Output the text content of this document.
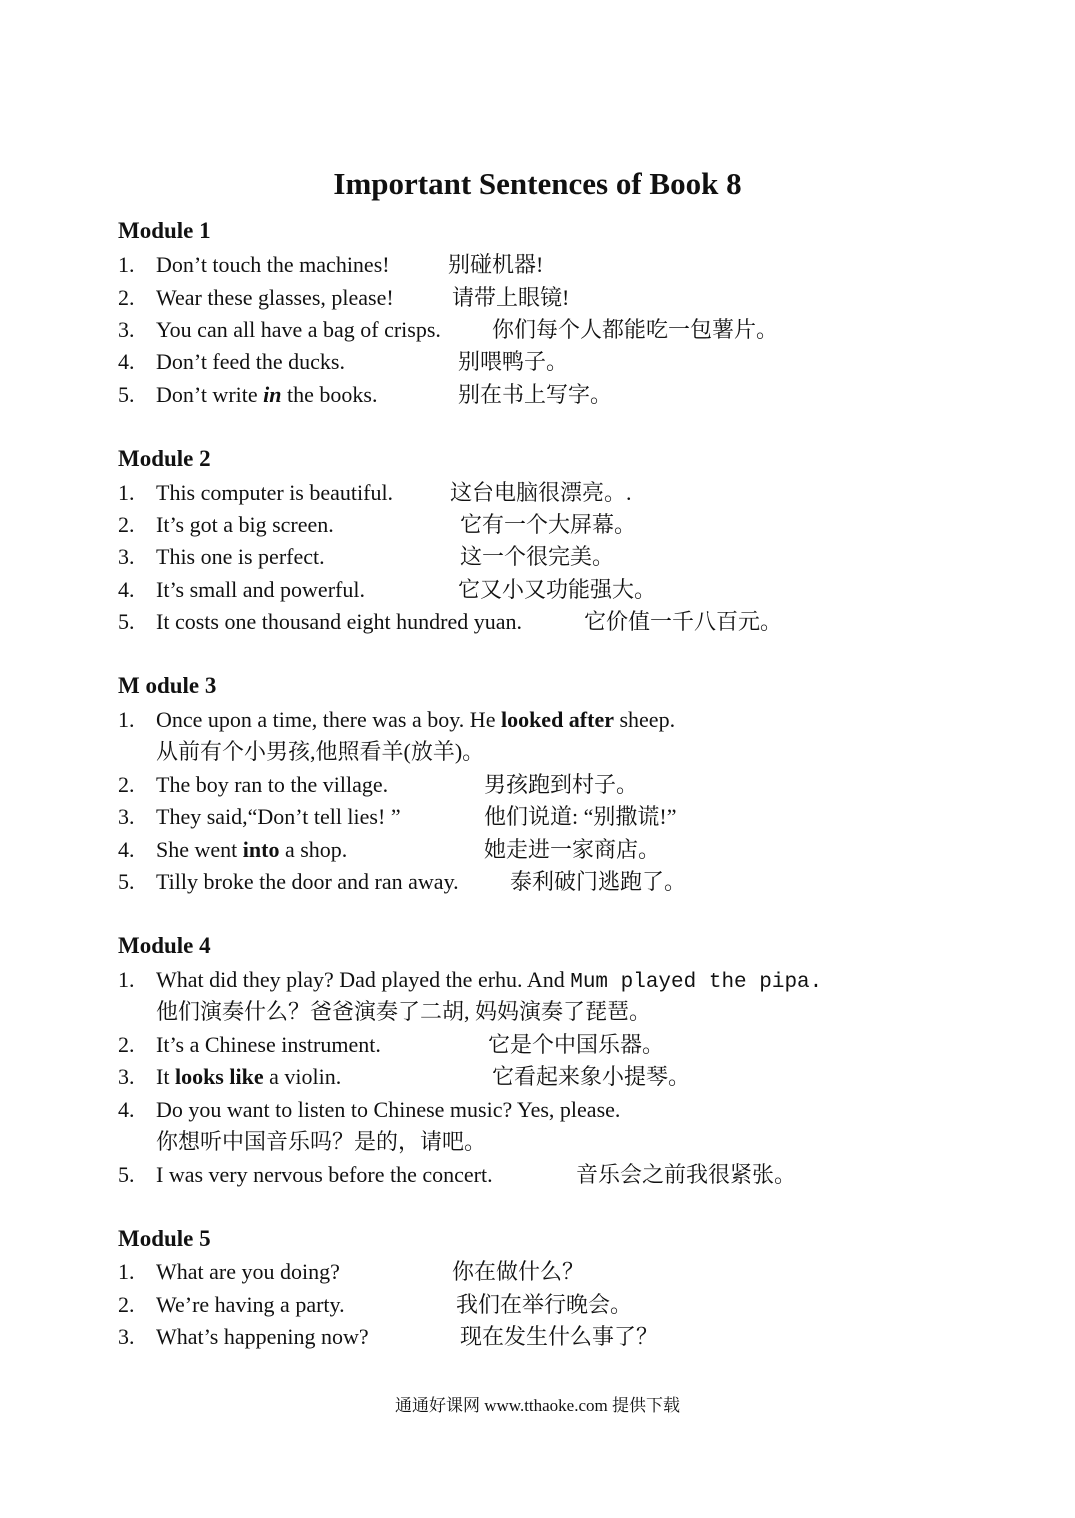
Important Sentences of Book 8
Module 1
1. Don’t touch the machines!	别碰机器!
2. Wear these glasses, please!	请带上眼镜!
3. You can all have a bag of crisps. 你们每个人都能吃一包薯片。
4. Don’t feed the ducks.	别喂鸭子。
5. Don’t write in the books.	别在书上写字。
Module 2
1. This computer is beautiful.	这台电脑很漂亮。.
2. It’s got a big screen.	它有一个大屏幕。
3. This one is perfect.	这一个很完美。
4. It’s small and powerful.	它又小又功能强大。
5. It costs one thousand eight hundred yuan.	它价值一千八百元。
M odule 3
1. Once upon a time, there was a boy. He looked after sheep.
从前有个小男孩,他照看羊(放羊)。
2. The boy ran to the village.	男孩跑到村子。
3. They said,“Don’t tell lies! ”	他们说道: “别撒谎!”
4. She went into a shop.	她走进一家商店。
5. Tilly broke the door and ran away. 泰利破门逃跑了。
Module 4
1. What did they play? Dad played the erhu. And Mum played the pipa.
他们演奏什么？爸爸演奏了二胡, 妈妈演奏了琵琶。
2. It’s a Chinese instrument.	它是个中国乐器。
3. It looks like a violin.	它看起来象小提琴。
4. Do you want to listen to Chinese music? Yes, please.
你想听中国音乐吗？是的，请吧。
5. I was very nervous before the concert.	音乐会之前我很紧张。
Module 5
1. What are you doing?	你在做什么？
2. We’re having a party.	我们在举行晚会。
3. What’s happening now?	现在发生什么事了？
通通好课网 www.tthaoke.com 提供下载
